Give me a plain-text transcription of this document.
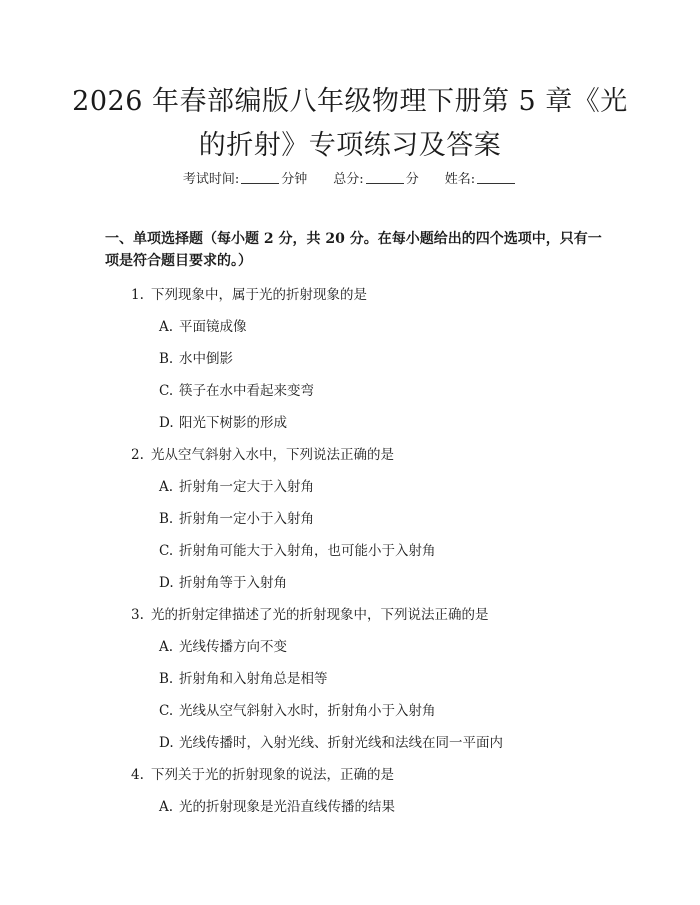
2026 年春部编版八年级物理下册第 5 章《光
的折射》专项练习及答案
考试时间:	分钟 总分:	分 姓名:
一、单项选择题（每小题 2 分，共 20 分。在每小题给出的四个选项中，只有一项是符合题目要求的。）
1. 下列现象中，属于光的折射现象的是
A. 平面镜成像
B. 水中倒影
C. 筷子在水中看起来变弯
D. 阳光下树影的形成
2. 光从空气斜射入水中，下列说法正确的是
A. 折射角一定大于入射角
B. 折射角一定小于入射角
C. 折射角可能大于入射角，也可能小于入射角
D. 折射角等于入射角
3. 光的折射定律描述了光的折射现象中，下列说法正确的是
A. 光线传播方向不变
B. 折射角和入射角总是相等
C. 光线从空气斜射入水时，折射角小于入射角
D. 光线传播时，入射光线、折射光线和法线在同一平面内
4. 下列关于光的折射现象的说法，正确的是
A. 光的折射现象是光沿直线传播的结果
